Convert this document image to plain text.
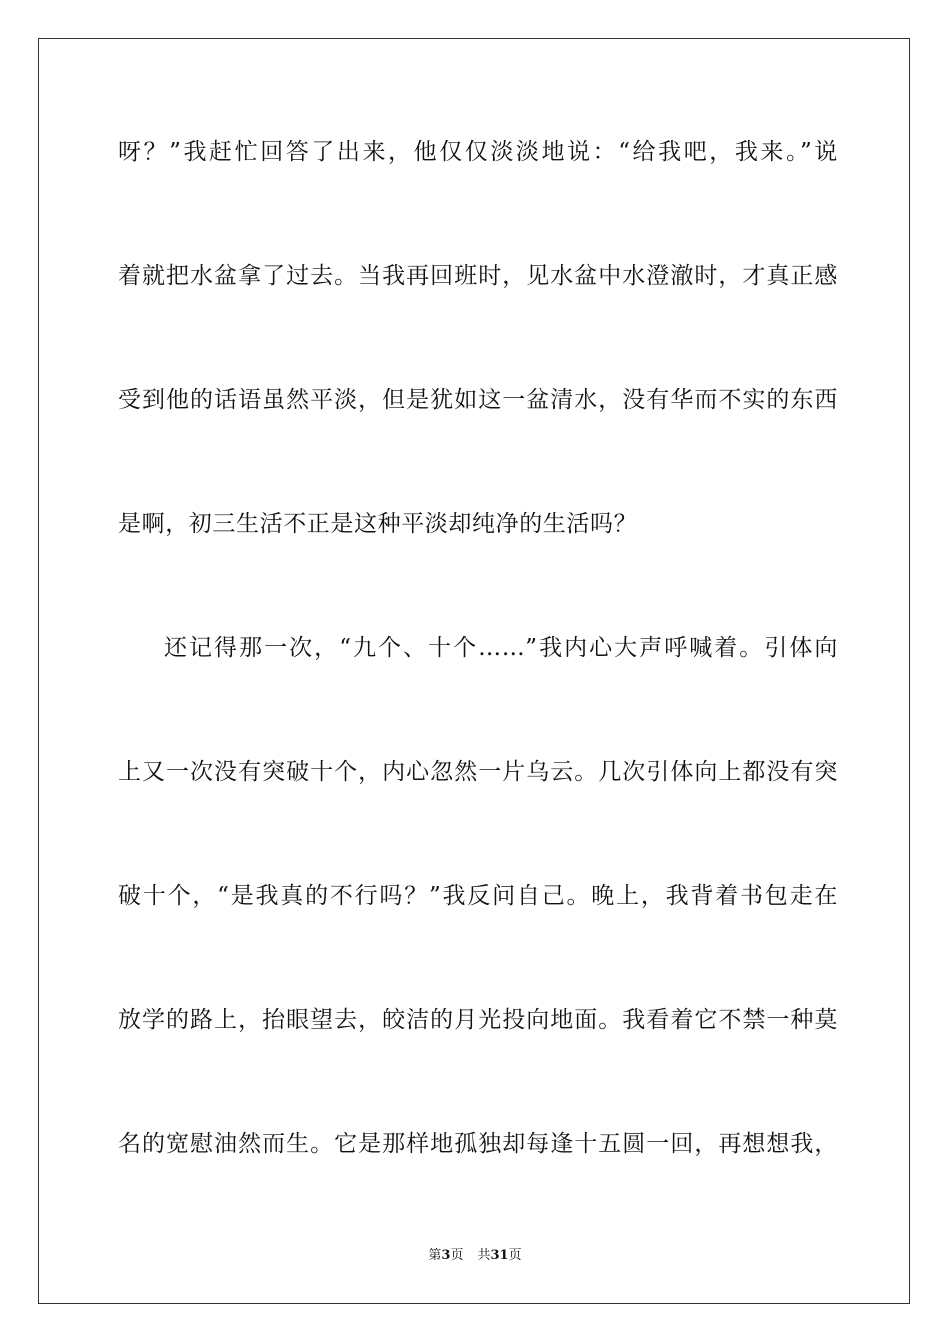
呀？”我赶忙回答了出来，他仅仅淡淡地说：“给我吧，我来。”说
着就把水盆拿了过去。当我再回班时，见水盆中水澄澈时，才真正感
受到他的话语虽然平淡，但是犹如这一盆清水，没有华而不实的东西
是啊，初三生活不正是这种平淡却纯净的生活吗？
还记得那一次，“九个、十个……”我内心大声呼喊着。引体向
上又一次没有突破十个，内心忽然一片乌云。几次引体向上都没有突
破十个，“是我真的不行吗？”我反问自己。晚上，我背着书包走在
放学的路上，抬眼望去，皎洁的月光投向地面。我看着它不禁一种莫
名的宽慰油然而生。它是那样地孤独却每逢十五圆一回，再想想我，
第3页 共31页
